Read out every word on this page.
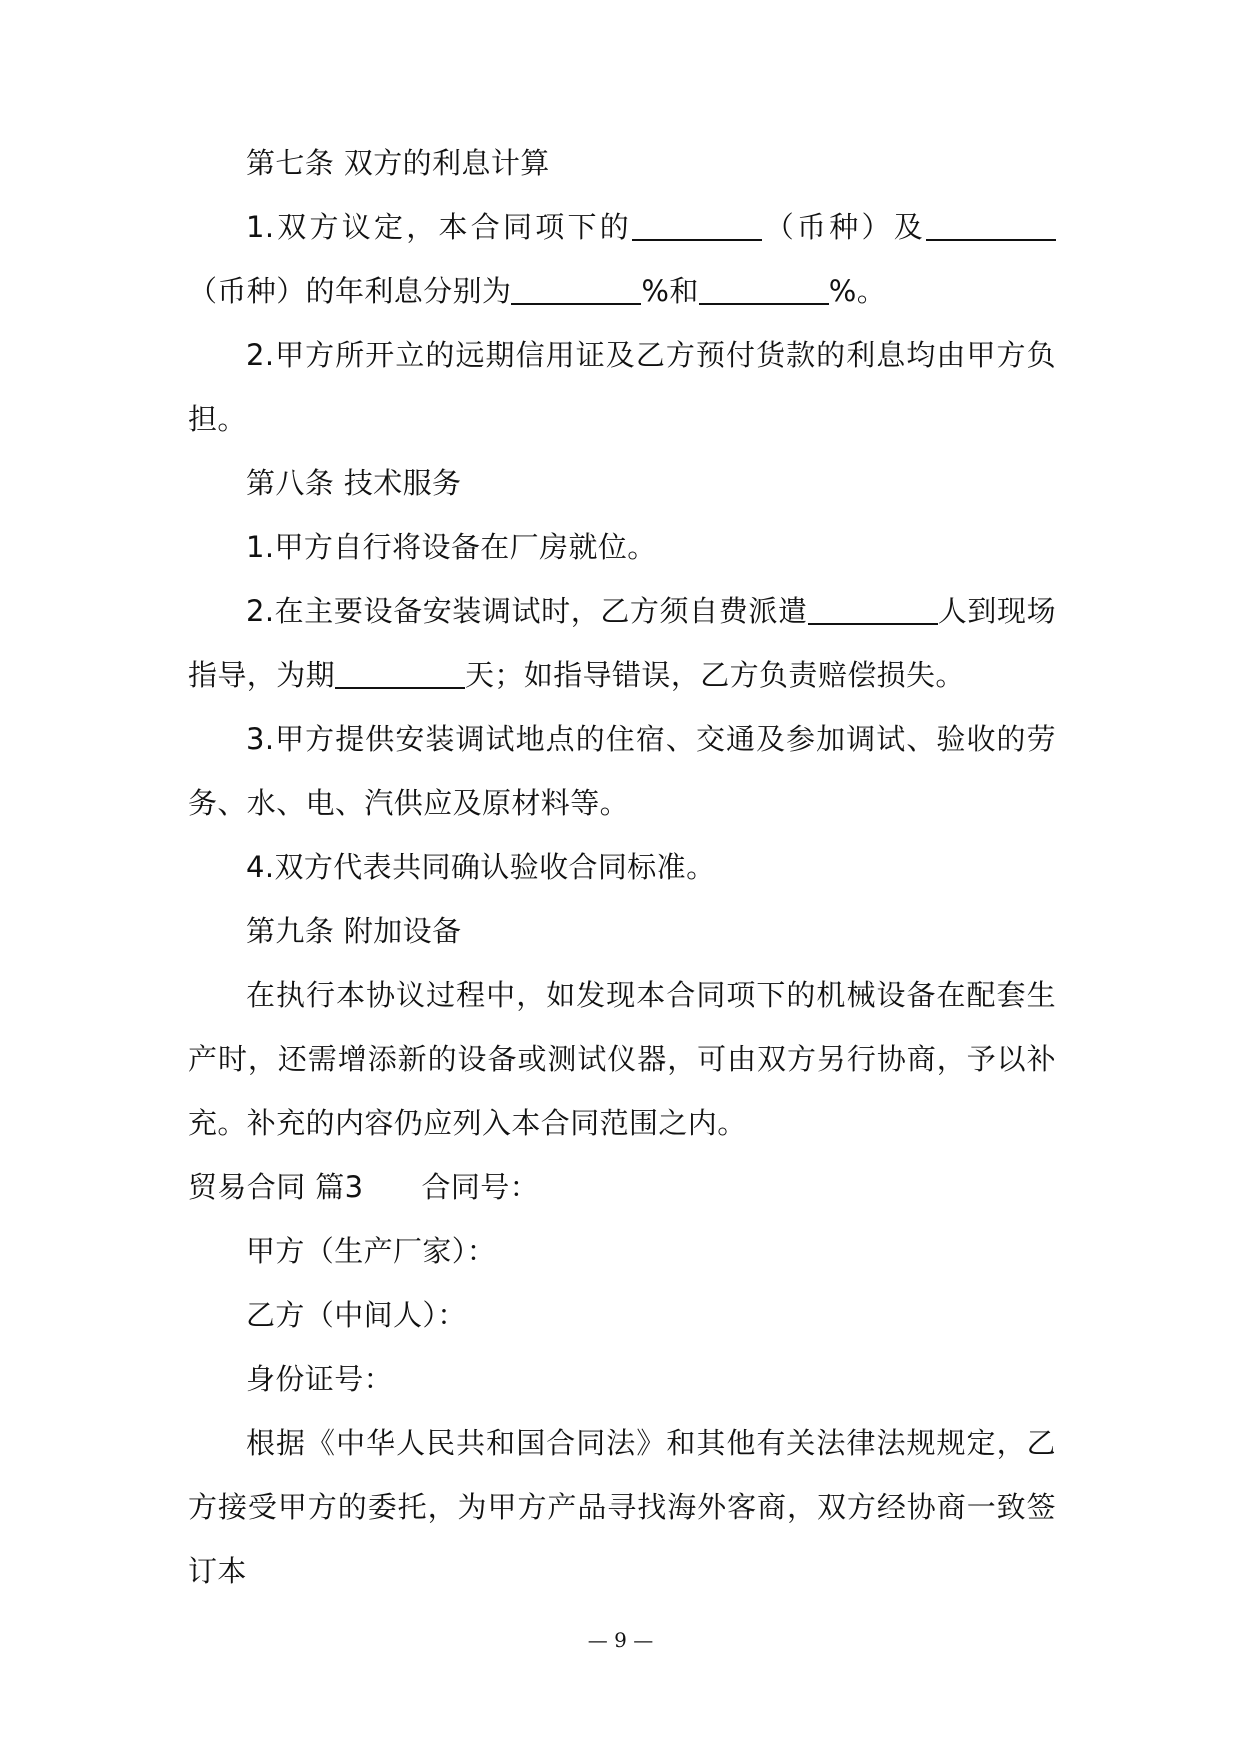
第七条 双方的利息计算

1.双方议定，本合同项下的	（币种）及（币种）的年利息分别为	%和	%。

2.甲方所开立的远期信用证及乙方预付货款的利息均由甲方负担。

第八条 技术服务

1.甲方自行将设备在厂房就位。

2.在主要设备安装调试时，乙方须自费派遣	人到现场指导，为期	天；如指导错误，乙方负责赔偿损失。

3.甲方提供安装调试地点的住宿、交通及参加调试、验收的劳务、水、电、汽供应及原材料等。

4.双方代表共同确认验收合同标准。

第九条 附加设备

在执行本协议过程中，如发现本合同项下的机械设备在配套生产时，还需增添新的设备或测试仪器，可由双方另行协商，予以补充。补充的内容仍应列入本合同范围之内。

贸易合同 篇3 合同号：

甲方（生产厂家）：

乙方（中间人）：

身份证号：

根据《中华人民共和国合同法》和其他有关法律法规规定，乙方接受甲方的委托，为甲方产品寻找海外客商，双方经协商一致签订本

— 9 —
